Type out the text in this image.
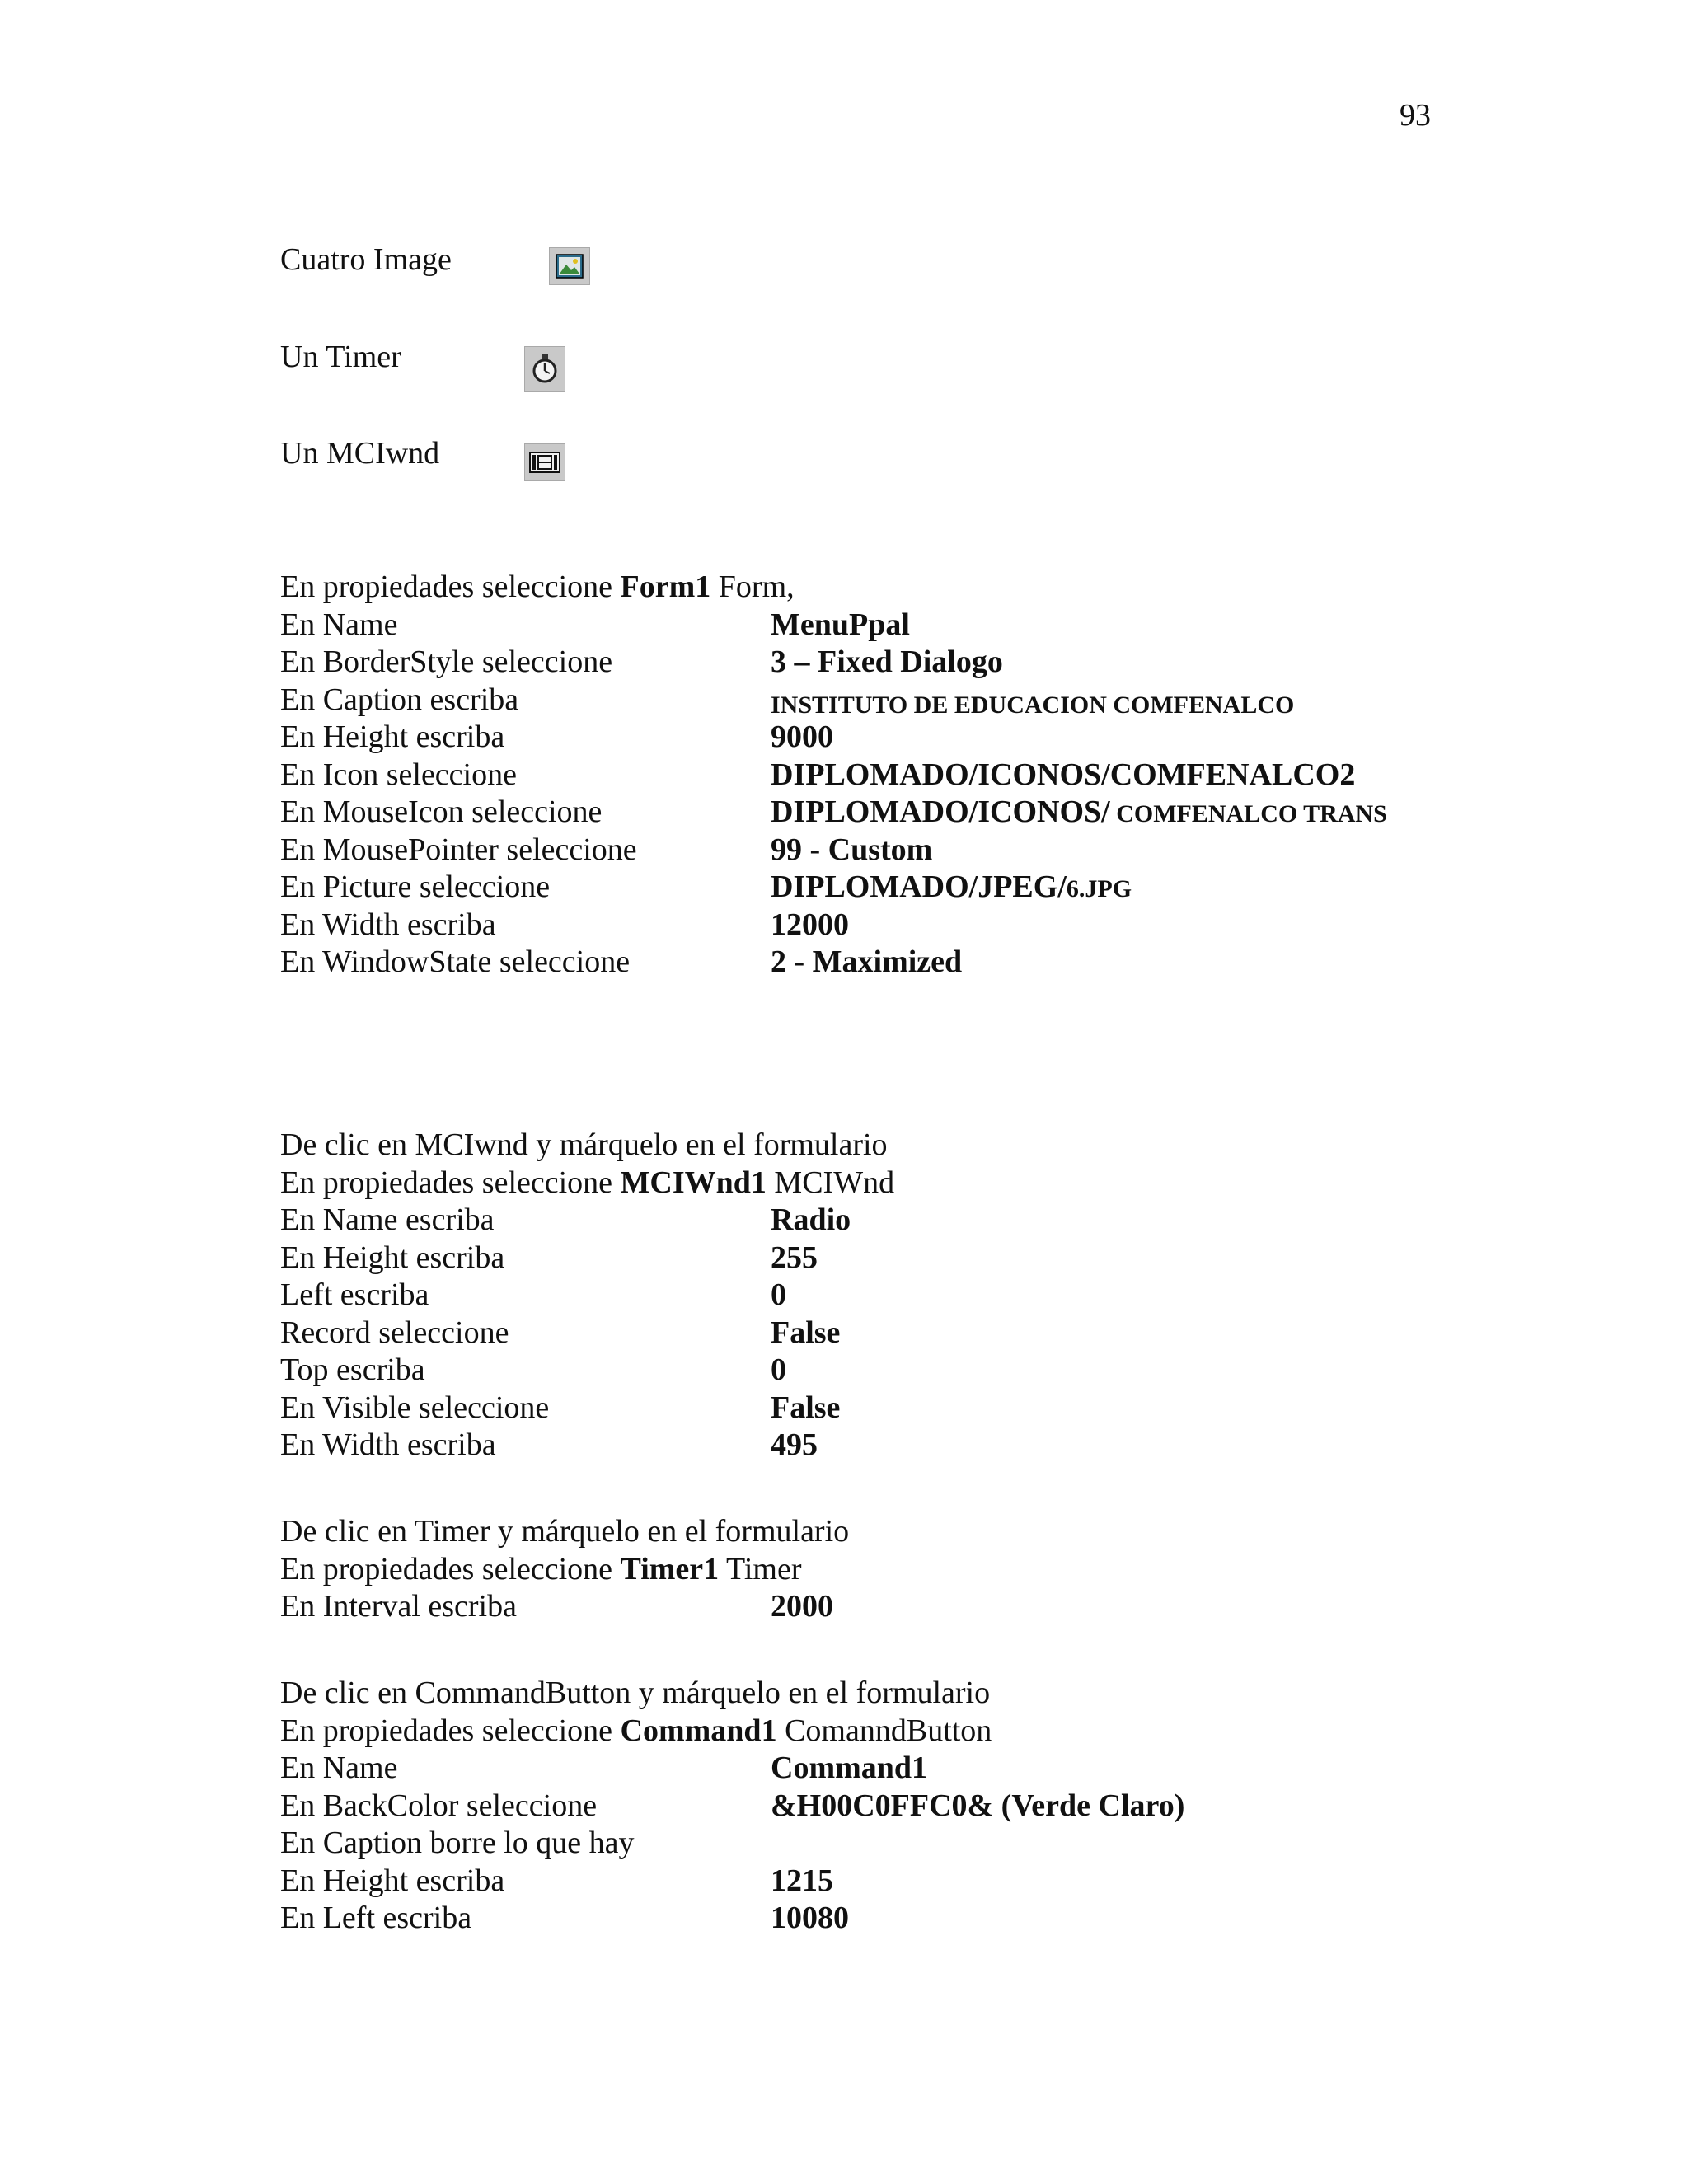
93
Cuatro Image
Un Timer
Un MCIwnd
En propiedades seleccione Form1 Form,
En Name	MenuPpal
En BorderStyle seleccione	3 – Fixed Dialogo
En Caption escriba	INSTITUTO DE EDUCACION COMFENALCO
En Height escriba	9000
En Icon seleccione	DIPLOMADO/ICONOS/COMFENALCO2
En MouseIcon seleccione	DIPLOMADO/ICONOS/ COMFENALCO TRANS
En MousePointer seleccione	99 - Custom
En Picture seleccione	DIPLOMADO/JPEG/6.JPG
En Width escriba	12000
En WindowState seleccione	2 - Maximized
De clic en MCIwnd y márquelo en el formulario
En propiedades seleccione MCIWnd1 MCIWnd
En Name escriba	Radio
En Height escriba	255
Left escriba	0
Record seleccione	False
Top escriba	0
En Visible seleccione	False
En Width escriba	495
De clic en Timer y márquelo en el formulario
En propiedades seleccione Timer1 Timer
En Interval escriba	2000
De clic en CommandButton y márquelo en el formulario
En propiedades seleccione Command1 ComanndButton
En Name	Command1
En BackColor seleccione	&H00C0FFC0& (Verde Claro)
En Caption borre lo que hay
En Height escriba	1215
En Left escriba	10080
